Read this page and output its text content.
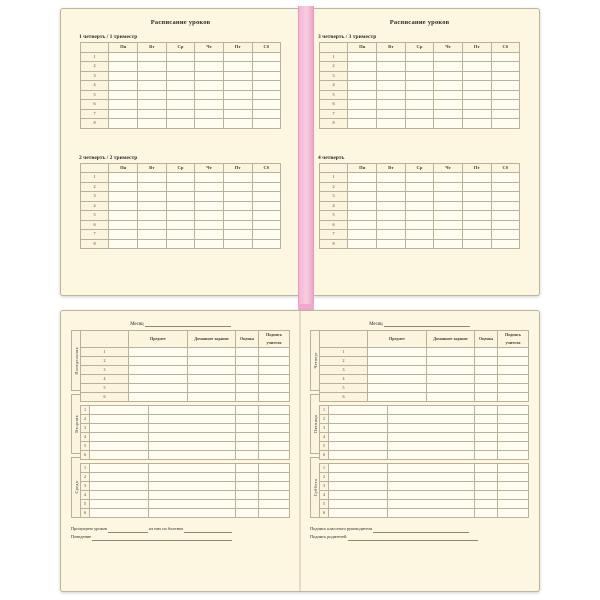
Расписание уроков
1 четверть / 1 триместр
	Пн	Вт	Ср	Чт	Пт	Сб
1						
2						
3						
4						
5						
6						
7						
8						
2 четверть / 2 триместр
	Пн	Вт	Ср	Чт	Пт	Сб
1						
2						
3						
4						
5						
6						
7						
8						
Расписание уроков
3 четверть / 3 триместр
	Пн	Вт	Ср	Чт	Пт	Сб
1						
2						
3						
4						
5						
6						
7						
8						
4 четверть
	Пн	Вт	Ср	Чт	Пт	Сб
1						
2						
3						
4						
5						
6						
7						
8						
Месяц
Понедельник
Вторник
Среда
	Предмет	Домашнее задание	Оценка	Подпись учителя
1				
2				
3				
4				
5				
6				
1				
2				
3				
4				
5				
6				
1				
2				
3				
4				
5				
6				
Пропущено уроков	из них по болезни
Поведение
Месяц
Четверг
Пятница
Суббота
	Предмет	Домашнее задание	Оценка	Подпись учителя
1				
2				
3				
4				
5				
6				
1				
2				
3				
4				
5				
6				
1				
2				
3				
4				
5				
6				
Подпись классного руководителя
Подпись родителей
